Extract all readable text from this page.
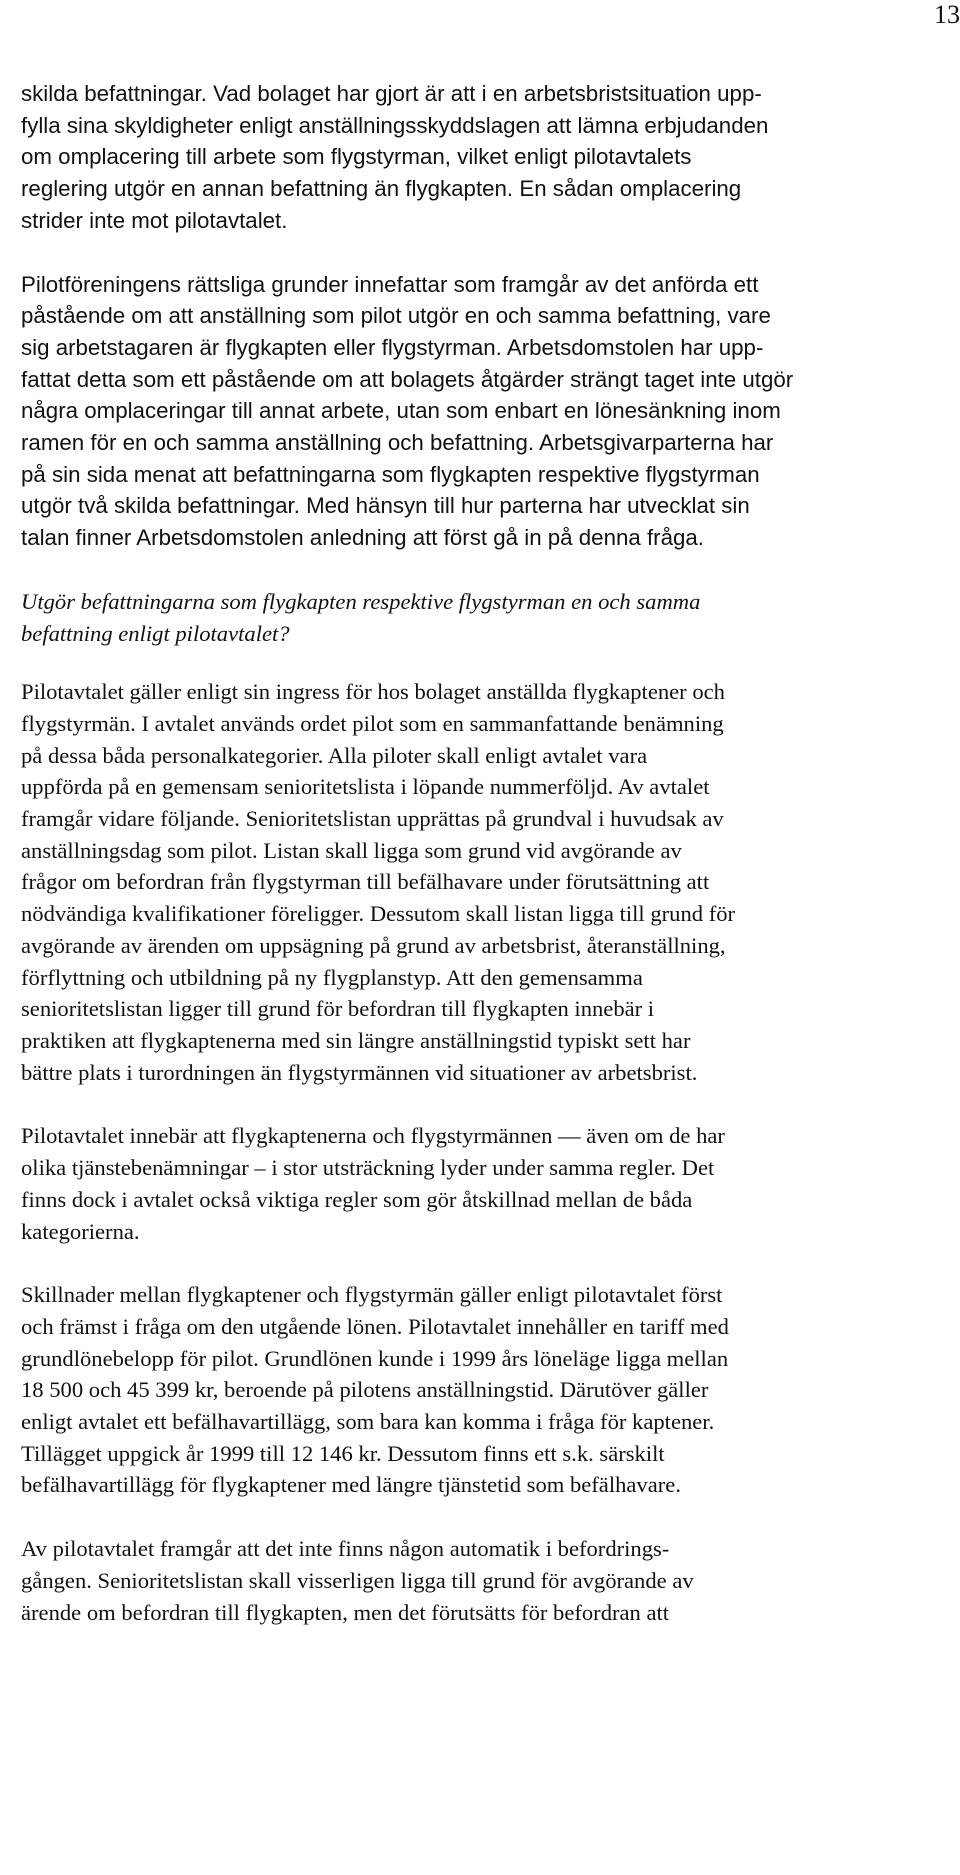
13
skilda befattningar. Vad bolaget har gjort är att i en arbetsbristsituation upp-
fylla sina skyldigheter enligt anställningsskyddslagen att lämna erbjudanden
om omplacering till arbete som flygstyrman, vilket enligt pilotavtalets
reglering utgör en annan befattning än flygkapten. En sådan omplacering
strider inte mot pilotavtalet.
Pilotföreningens rättsliga grunder innefattar som framgår av det anförda ett
påstående om att anställning som pilot utgör en och samma befattning, vare
sig arbetstagaren är flygkapten eller flygstyrman. Arbetsdomstolen har upp-
fattat detta som ett påstående om att bolagets åtgärder strängt taget inte utgör
några omplaceringar till annat arbete, utan som enbart en lönesänkning inom
ramen för en och samma anställning och befattning. Arbetsgivarparterna har
på sin sida menat att befattningarna som flygkapten respektive flygstyrman
utgör två skilda befattningar. Med hänsyn till hur parterna har utvecklat sin
talan finner Arbetsdomstolen anledning att först gå in på denna fråga.
Utgör befattningarna som flygkapten respektive flygstyrman en och samma
befattning enligt pilotavtalet?
Pilotavtalet gäller enligt sin ingress för hos bolaget anställda flygkaptener och
flygstyrmän. I avtalet används ordet pilot som en sammanfattande benämning
på dessa båda personalkategorier. Alla piloter skall enligt avtalet vara
uppförda på en gemensam senioritetslista i löpande nummerföljd. Av avtalet
framgår vidare följande. Senioritetslistan upprättas på grundval i huvudsak av
anställningsdag som pilot. Listan skall ligga som grund vid avgörande av
frågor om befordran från flygstyrman till befälhavare under förutsättning att
nödvändiga kvalifikationer föreligger. Dessutom skall listan ligga till grund för
avgörande av ärenden om uppsägning på grund av arbetsbrist, återanställning,
förflyttning och utbildning på ny flygplanstyp. Att den gemensamma
senioritetslistan ligger till grund för befordran till flygkapten innebär i
praktiken att flygkaptenerna med sin längre anställningstid typiskt sett har
bättre plats i turordningen än flygstyrmännen vid situationer av arbetsbrist.
Pilotavtalet innebär att flygkaptenerna och flygstyrmännen — även om de har
olika tjänstebenämningar – i stor utsträckning lyder under samma regler. Det
finns dock i avtalet också viktiga regler som gör åtskillnad mellan de båda
kategorierna.
Skillnader mellan flygkaptener och flygstyrmän gäller enligt pilotavtalet först
och främst i fråga om den utgående lönen. Pilotavtalet innehåller en tariff med
grundlönebelopp för pilot. Grundlönen kunde i 1999 års löneläge ligga mellan
18 500 och 45 399 kr, beroende på pilotens anställningstid. Därutöver gäller
enligt avtalet ett befälhavartillägg, som bara kan komma i fråga för kaptener.
Tillägget uppgick år 1999 till 12 146 kr. Dessutom finns ett s.k. särskilt
befälhavartillägg för flygkaptener med längre tjänstetid som befälhavare.
Av pilotavtalet framgår att det inte finns någon automatik i befordrings-
gången. Senioritetslistan skall visserligen ligga till grund för avgörande av
ärende om befordran till flygkapten, men det förutsätts för befordran att
